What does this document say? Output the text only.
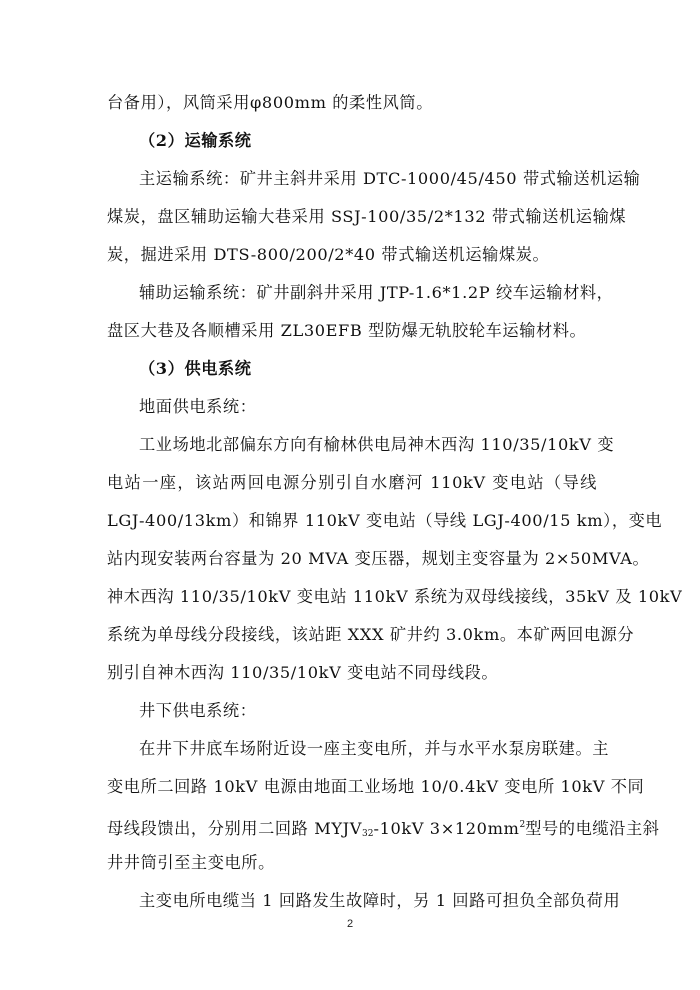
台备用），风筒采用φ800mm 的柔性风筒。
（2）运输系统
主运输系统：矿井主斜井采用 DTC-1000/45/450 带式输送机运输
煤炭，盘区辅助运输大巷采用 SSJ-100/35/2*132 带式输送机运输煤
炭，掘进采用 DTS-800/200/2*40 带式输送机运输煤炭。
辅助运输系统：矿井副斜井采用 JTP-1.6*1.2P 绞车运输材料，
盘区大巷及各顺槽采用 ZL30EFB 型防爆无轨胶轮车运输材料。
（3）供电系统
地面供电系统：
工业场地北部偏东方向有榆林供电局神木西沟 110/35/10kV 变
电站一座，该站两回电源分别引自水磨河 110kV 变电站（导线
LGJ-400/13km）和锦界 110kV 变电站（导线 LGJ-400/15 km），变电
站内现安装两台容量为 20 MVA 变压器，规划主变容量为 2×50MVA。
神木西沟 110/35/10kV 变电站 110kV 系统为双母线接线，35kV 及 10kV
系统为单母线分段接线，该站距 XXX 矿井约 3.0km。本矿两回电源分
别引自神木西沟 110/35/10kV 变电站不同母线段。
井下供电系统：
在井下井底车场附近设一座主变电所，并与水平水泵房联建。主
变电所二回路 10kV 电源由地面工业场地 10/0.4kV 变电所 10kV 不同
母线段馈出，分别用二回路 $MYJV_{32}-10kV$ $3\times 120mm^2$型号的电缆沿主斜
井井筒引至主变电所。
主变电所电缆当 1 回路发生故障时，另 1 回路可担负全部负荷用
2
